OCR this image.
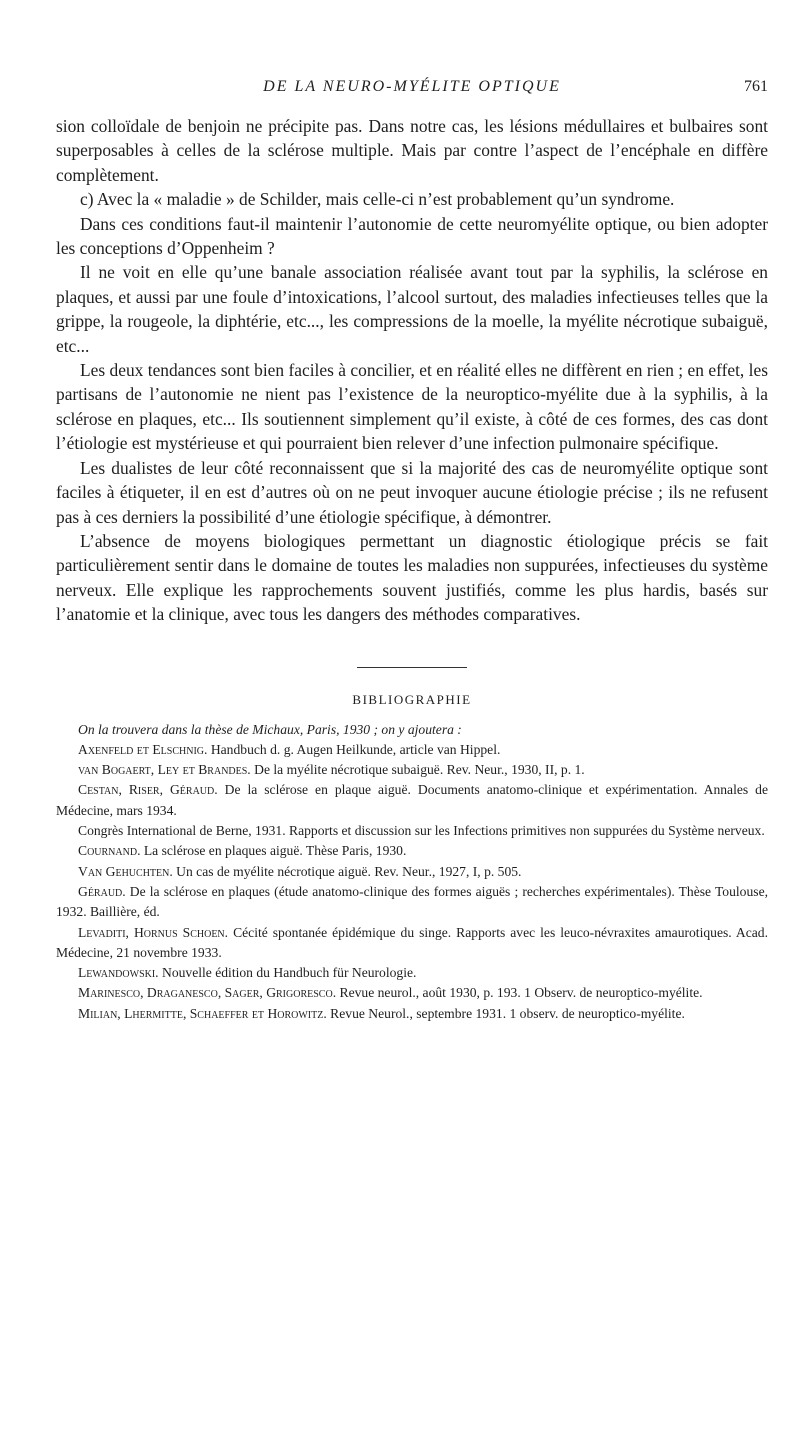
DE LA NEURO-MYÉLITE OPTIQUE	761

sion colloïdale de benjoin ne précipite pas. Dans notre cas, les lésions médullaires et bulbaires sont superposables à celles de la sclérose multiple. Mais par contre l’aspect de l’encéphale en diffère complètement.

c) Avec la « maladie » de Schilder, mais celle-ci n’est probablement qu’un syndrome.

Dans ces conditions faut-il maintenir l’autonomie de cette neuromyélite optique, ou bien adopter les conceptions d’Oppenheim ?

Il ne voit en elle qu’une banale association réalisée avant tout par la syphilis, la sclérose en plaques, et aussi par une foule d’intoxications, l’alcool surtout, des maladies infectieuses telles que la grippe, la rougeole, la diphtérie, etc..., les compressions de la moelle, la myélite nécrotique subaiguë, etc...

Les deux tendances sont bien faciles à concilier, et en réalité elles ne diffèrent en rien ; en effet, les partisans de l’autonomie ne nient pas l’existence de la neuroptico-myélite due à la syphilis, à la sclérose en plaques, etc... Ils soutiennent simplement qu’il existe, à côté de ces formes, des cas dont l’étiologie est mystérieuse et qui pourraient bien relever d’une infection pulmonaire spécifique.

Les dualistes de leur côté reconnaissent que si la majorité des cas de neuromyélite optique sont faciles à étiqueter, il en est d’autres où on ne peut invoquer aucune étiologie précise ; ils ne refusent pas à ces derniers la possibilité d’une étiologie spécifique, à démontrer.

L’absence de moyens biologiques permettant un diagnostic étiologique précis se fait particulièrement sentir dans le domaine de toutes les maladies non suppurées, infectieuses du système nerveux. Elle explique les rapprochements souvent justifiés, comme les plus hardis, basés sur l’anatomie et la clinique, avec tous les dangers des méthodes comparatives.

BIBLIOGRAPHIE

On la trouvera dans la thèse de Michaux, Paris, 1930 ; on y ajoutera :

Axenfeld et Elschnig. Handbuch d. g. Augen Heilkunde, article van Hippel.

van Bogaert, Ley et Brandes. De la myélite nécrotique subaiguë. Rev. Neur., 1930, II, p. 1.

Cestan, Riser, Géraud. De la sclérose en plaque aiguë. Documents anatomo-clinique et expérimentation. Annales de Médecine, mars 1934.

Congrès International de Berne, 1931. Rapports et discussion sur les Infections primitives non suppurées du Système nerveux.

Cournand. La sclérose en plaques aiguë. Thèse Paris, 1930.

Van Gehuchten. Un cas de myélite nécrotique aiguë. Rev. Neur., 1927, I, p. 505.

Géraud. De la sclérose en plaques (étude anatomo-clinique des formes aiguës ; recherches expérimentales). Thèse Toulouse, 1932. Baillière, éd.

Levaditi, Hornus Schoen. Cécité spontanée épidémique du singe. Rapports avec les leuco-névraxites amaurotiques. Acad. Médecine, 21 novembre 1933.

Lewandowski. Nouvelle édition du Handbuch für Neurologie.

Marinesco, Draganesco, Sager, Grigoresco. Revue neurol., août 1930, p. 193. 1 Observ. de neuroptico-myélite.

Milian, Lhermitte, Schaeffer et Horowitz. Revue Neurol., septembre 1931. 1 observ. de neuroptico-myélite.
